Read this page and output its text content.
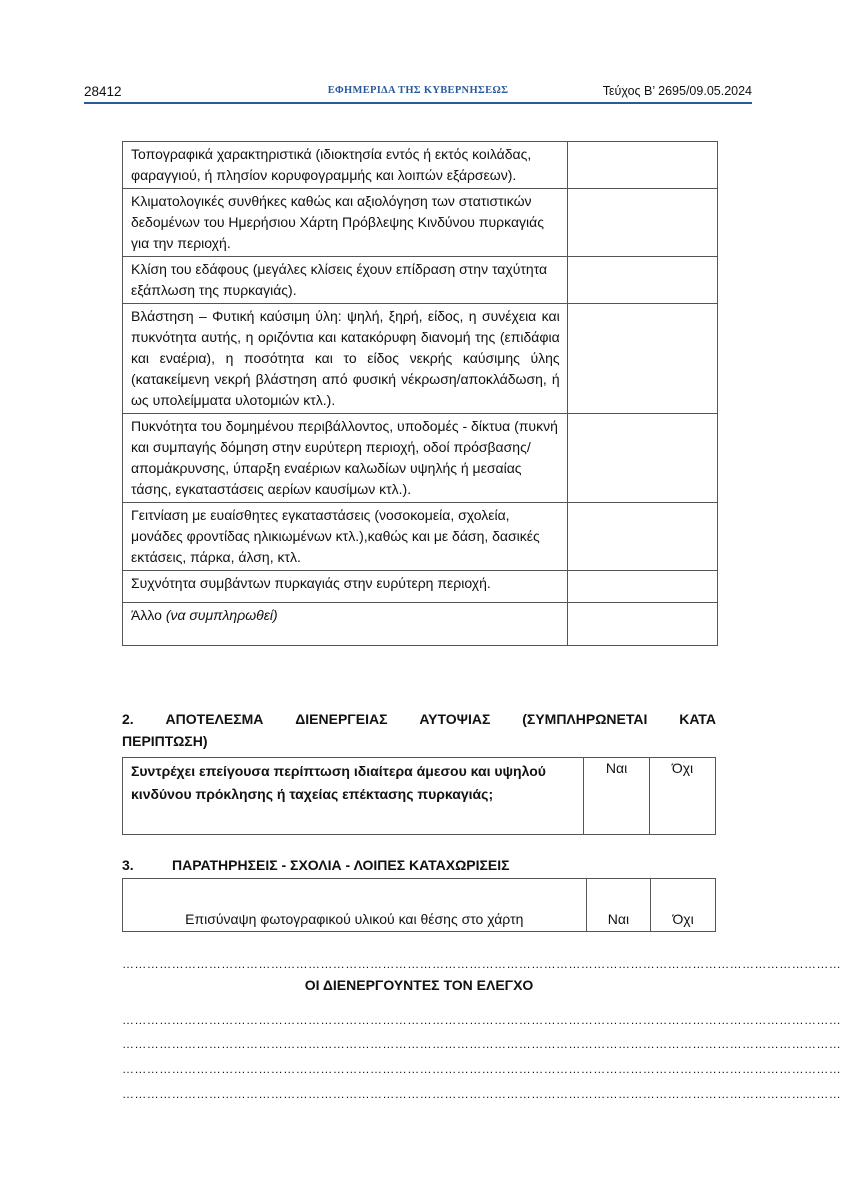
28412	ΕΦΗΜΕΡΙΔΑ ΤΗΣ ΚΥΒΕΡΝΗΣΕΩΣ	Τεύχος Β’ 2695/09.05.2024
Τοπογραφικά χαρακτηριστικά (ιδιοκτησία εντός ή εκτός κοιλάδας, φαραγγιού, ή πλησίον κορυφογραμμής και λοιπών εξάρσεων).	
Κλιματολογικές συνθήκες καθώς και αξιολόγηση των στατιστικών δεδομένων του Ημερήσιου Χάρτη Πρόβλεψης Κινδύνου πυρκαγιάς για την περιοχή.	
Κλίση του εδάφους (μεγάλες κλίσεις έχουν επίδραση στην ταχύτητα εξάπλωση της πυρκαγιάς).	
Βλάστηση – Φυτική καύσιμη ύλη: ψηλή, ξηρή, είδος, η συνέχεια και πυκνότητα αυτής, η οριζόντια και κατακόρυφη διανομή της (επιδάφια και εναέρια), η ποσότητα και το είδος νεκρής καύσιμης ύλης (κατακείμενη νεκρή βλάστηση από φυσική νέκρωση/αποκλάδωση, ή ως υπολείμματα υλοτομιών κτλ.).	
Πυκνότητα του δομημένου περιβάλλοντος, υποδομές - δίκτυα (πυκνή και συμπαγής δόμηση στην ευρύτερη περιοχή, οδοί πρόσβασης/απομάκρυνσης, ύπαρξη εναέριων καλωδίων υψηλής ή μεσαίας τάσης, εγκαταστάσεις αερίων καυσίμων κτλ.).	
Γειτνίαση με ευαίσθητες εγκαταστάσεις (νοσοκομεία, σχολεία, μονάδες φροντίδας ηλικιωμένων κτλ.),καθώς και με δάση, δασικές εκτάσεις, πάρκα, άλση, κτλ.	
Συχνότητα συμβάντων πυρκαγιάς στην ευρύτερη περιοχή.	
Άλλο (να συμπληρωθεί)	
2. ΑΠΟΤΕΛΕΣΜΑ ΔΙΕΝΕΡΓΕΙΑΣ ΑΥΤΟΨΙΑΣ (ΣΥΜΠΛΗΡΩΝΕΤΑΙ ΚΑΤΑ
ΠΕΡΙΠΤΩΣΗ)
Συντρέχει επείγουσα περίπτωση ιδιαίτερα άμεσου και υψηλού κινδύνου πρόκλησης ή ταχείας επέκτασης πυρκαγιάς;	Ναι	Όχι
3.	ΠΑΡΑΤΗΡΗΣΕΙΣ - ΣΧΟΛΙΑ - ΛΟΙΠΕΣ ΚΑΤΑΧΩΡΙΣΕΙΣ
Επισύναψη φωτογραφικού υλικού και θέσης στο χάρτη	Ναι	Όχι
…………………………………………………………………………………………………………………………………………………………
ΟΙ ΔΙΕΝΕΡΓΟΥΝΤΕΣ ΤΟΝ ΕΛΕΓΧΟ
…………………………………………………………………………………………………………………………………………………………
…………………………………………………………………………………………………………………………………………………………
…………………………………………………………………………………………………………………………………………………………
…………………………………………………………………………………………………………………………………………………………
